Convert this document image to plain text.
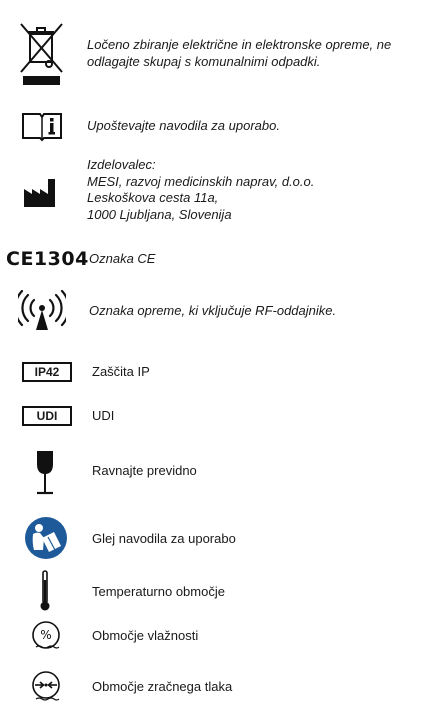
Ločeno zbiranje električne in elektronske opreme, ne
odlagajte skupaj s komunalnimi odpadki.
Upoštevajte navodila za uporabo.
Izdelovalec:
MESI, razvoj medicinskih naprav, d.o.o.
Leskoškova cesta 11a,
1000 Ljubljana, Slovenija
CE1304 Oznaka CE
Oznaka opreme, ki vključuje RF-oddajnike.
IP42	Zaščita IP
UDI	UDI
Ravnajte previdno
Glej navodila za uporabo
Temperaturno območje
%	Območje vlažnosti
Območje zračnega tlaka
